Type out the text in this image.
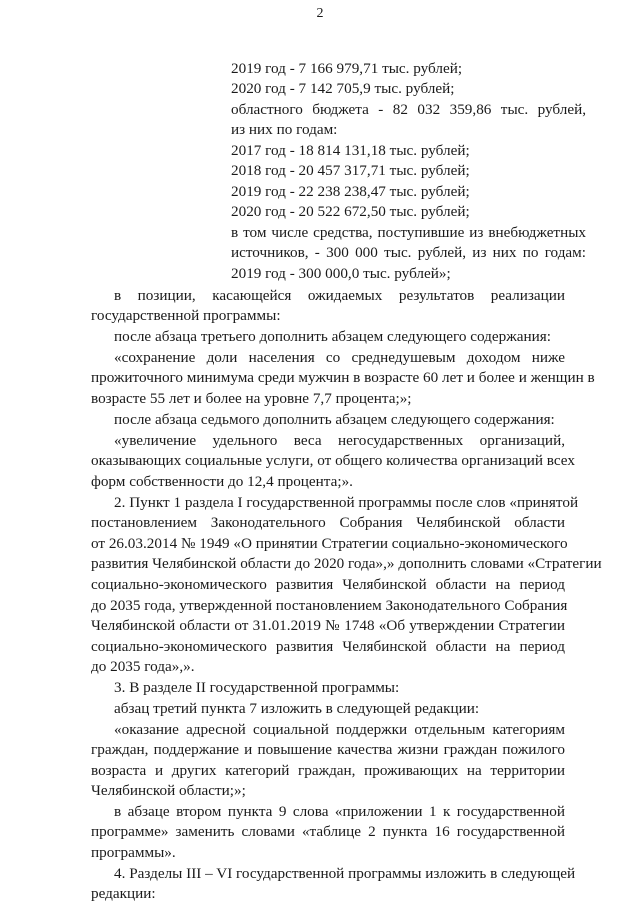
2
2019 год - 7 166 979,71 тыс. рублей;
2020 год - 7 142 705,9 тыс. рублей;
областного бюджета - 82 032 359,86 тыс. рублей,
из них по годам:
2017 год - 18 814 131,18 тыс. рублей;
2018 год - 20 457 317,71 тыс. рублей;
2019 год - 22 238 238,47 тыс. рублей;
2020 год - 20 522 672,50 тыс. рублей;
в том числе средства, поступившие из внебюджетных
источников, - 300 000 тыс. рублей, из них по годам:
2019 год - 300 000,0 тыс. рублей»;
в позиции, касающейся ожидаемых результатов реализации
государственной программы:
после абзаца третьего дополнить абзацем следующего содержания:
«сохранение доли населения со среднедушевым доходом ниже
прожиточного минимума среди мужчин в возрасте 60 лет и более и женщин в
возрасте 55 лет и более на уровне 7,7 процента;»;
после абзаца седьмого дополнить абзацем следующего содержания:
«увеличение удельного веса негосударственных организаций,
оказывающих социальные услуги, от общего количества организаций всех
форм собственности до 12,4 процента;».
2. Пункт 1 раздела I государственной программы после слов «принятой
постановлением Законодательного Собрания Челябинской области
от 26.03.2014 № 1949 «О принятии Стратегии социально-экономического
развития Челябинской области до 2020 года»,» дополнить словами «Стратегии
социально-экономического развития Челябинской области на период
до 2035 года, утвержденной постановлением Законодательного Собрания
Челябинской области от 31.01.2019 № 1748 «Об утверждении Стратегии
социально-экономического развития Челябинской области на период
до 2035 года»,».
3. В разделе II государственной программы:
абзац третий пункта 7 изложить в следующей редакции:
«оказание адресной социальной поддержки отдельным категориям
граждан, поддержание и повышение качества жизни граждан пожилого
возраста и других категорий граждан, проживающих на территории
Челябинской области;»;
в абзаце втором пункта 9 слова «приложении 1 к государственной
программе» заменить словами «таблице 2 пункта 16 государственной
программы».
4. Разделы III – VI государственной программы изложить в следующей
редакции:
